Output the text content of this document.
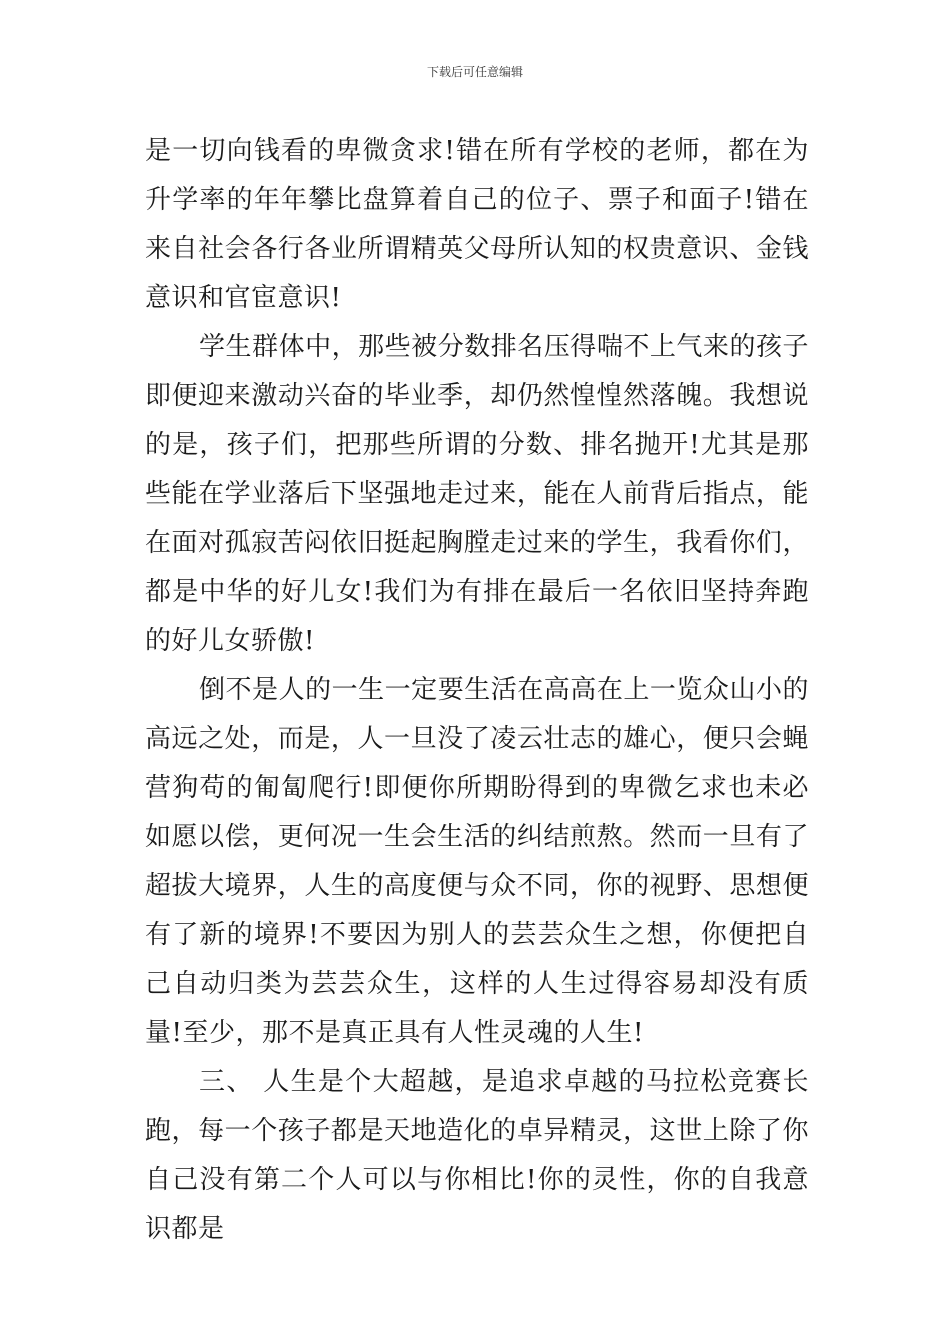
下载后可任意编辑

是一切向钱看的卑微贪求!错在所有学校的老师，都在为升学率的年年攀比盘算着自己的位子、票子和面子!错在来自社会各行各业所谓精英父母所认知的权贵意识、金钱意识和官宦意识!

学生群体中，那些被分数排名压得喘不上气来的孩子即便迎来激动兴奋的毕业季，却仍然惶惶然落魄。我想说的是，孩子们，把那些所谓的分数、排名抛开!尤其是那些能在学业落后下坚强地走过来，能在人前背后指点，能在面对孤寂苦闷依旧挺起胸膛走过来的学生，我看你们，都是中华的好儿女!我们为有排在最后一名依旧坚持奔跑的好儿女骄傲!

倒不是人的一生一定要生活在高高在上一览众山小的高远之处，而是，人一旦没了凌云壮志的雄心，便只会蝇营狗苟的匍匐爬行!即便你所期盼得到的卑微乞求也未必如愿以偿，更何况一生会生活的纠结煎熬。然而一旦有了超拔大境界，人生的高度便与众不同，你的视野、思想便有了新的境界!不要因为别人的芸芸众生之想，你便把自己自动归类为芸芸众生，这样的人生过得容易却没有质量!至少，那不是真正具有人性灵魂的人生!

三、 人生是个大超越，是追求卓越的马拉松竞赛长跑，每一个孩子都是天地造化的卓异精灵，这世上除了你自己没有第二个人可以与你相比!你的灵性，你的自我意识都是
